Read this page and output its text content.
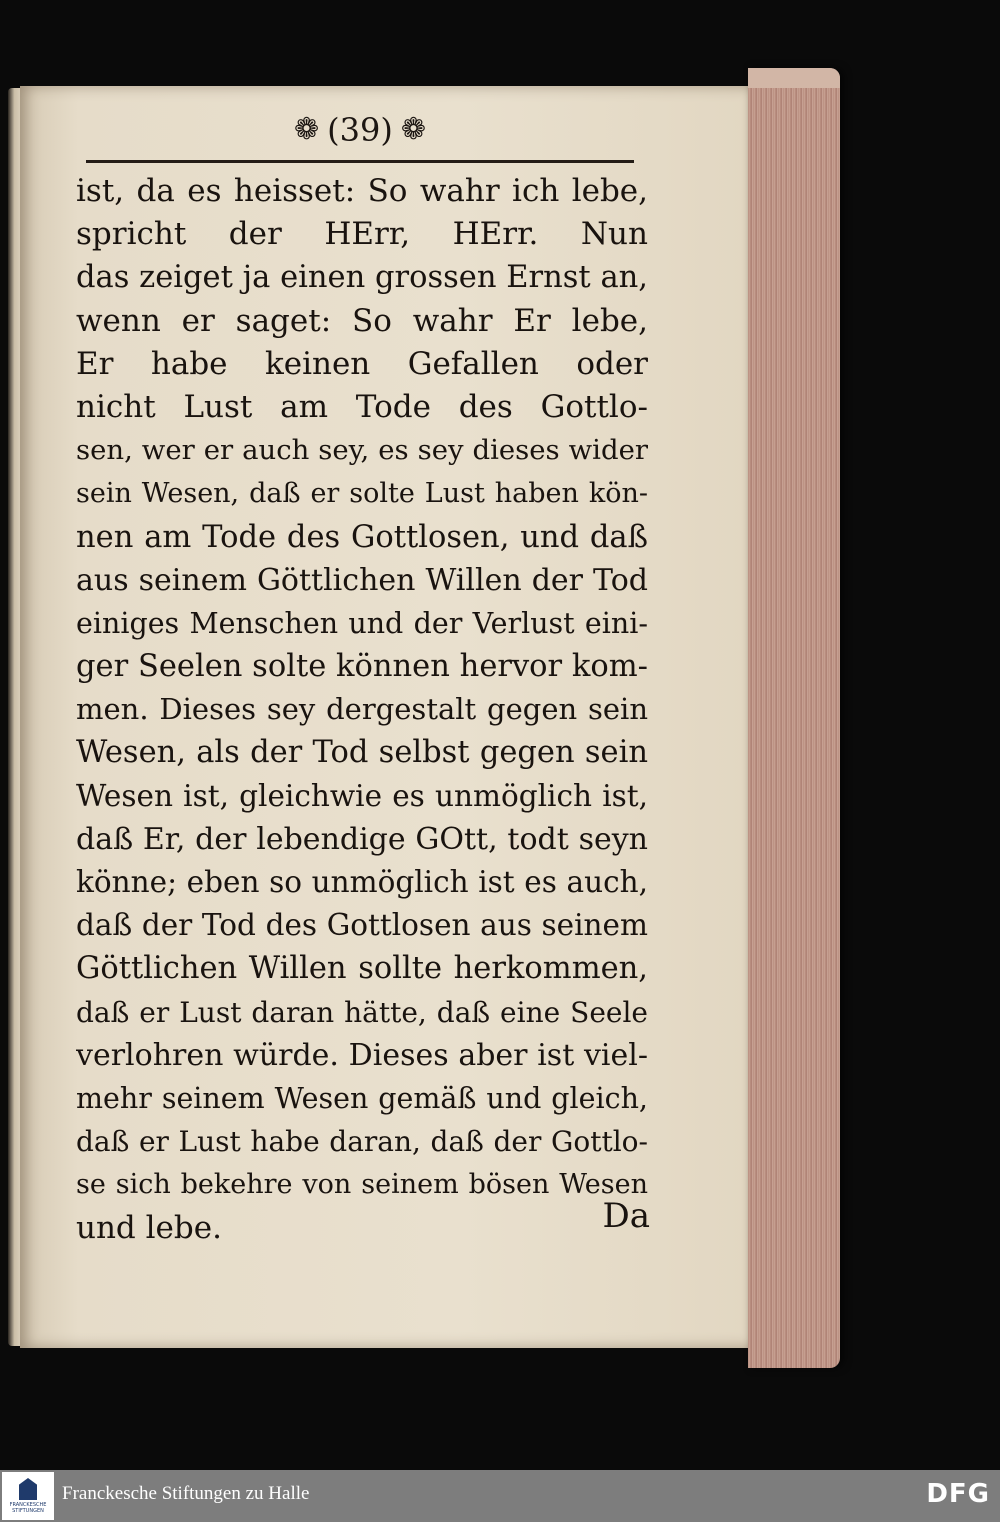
❁ (39) ❁
ist, da es heisset: So wahr ich lebe,
spricht der HErr, HErr. Nun
das zeiget ja einen grossen Ernst an,
wenn er saget: So wahr Er lebe,
Er habe keinen Gefallen oder
nicht Lust am Tode des Gottlo-
sen, wer er auch sey, es sey dieses wider
sein Wesen, daß er solte Lust haben kön-
nen am Tode des Gottlosen, und daß
aus seinem Göttlichen Willen der Tod
einiges Menschen und der Verlust eini-
ger Seelen solte können hervor kom-
men. Dieses sey dergestalt gegen sein
Wesen, als der Tod selbst gegen sein
Wesen ist, gleichwie es unmöglich ist,
daß Er, der lebendige GOtt, todt seyn
könne; eben so unmöglich ist es auch,
daß der Tod des Gottlosen aus seinem
Göttlichen Willen sollte herkommen,
daß er Lust daran hätte, daß eine Seele
verlohren würde. Dieses aber ist viel-
mehr seinem Wesen gemäß und gleich,
daß er Lust habe daran, daß der Gottlo-
se sich bekehre von seinem bösen Wesen
und lebe.	Da
FRANCKESCHE
STIFTUNGEN
Franckesche Stiftungen zu Halle	DFG
